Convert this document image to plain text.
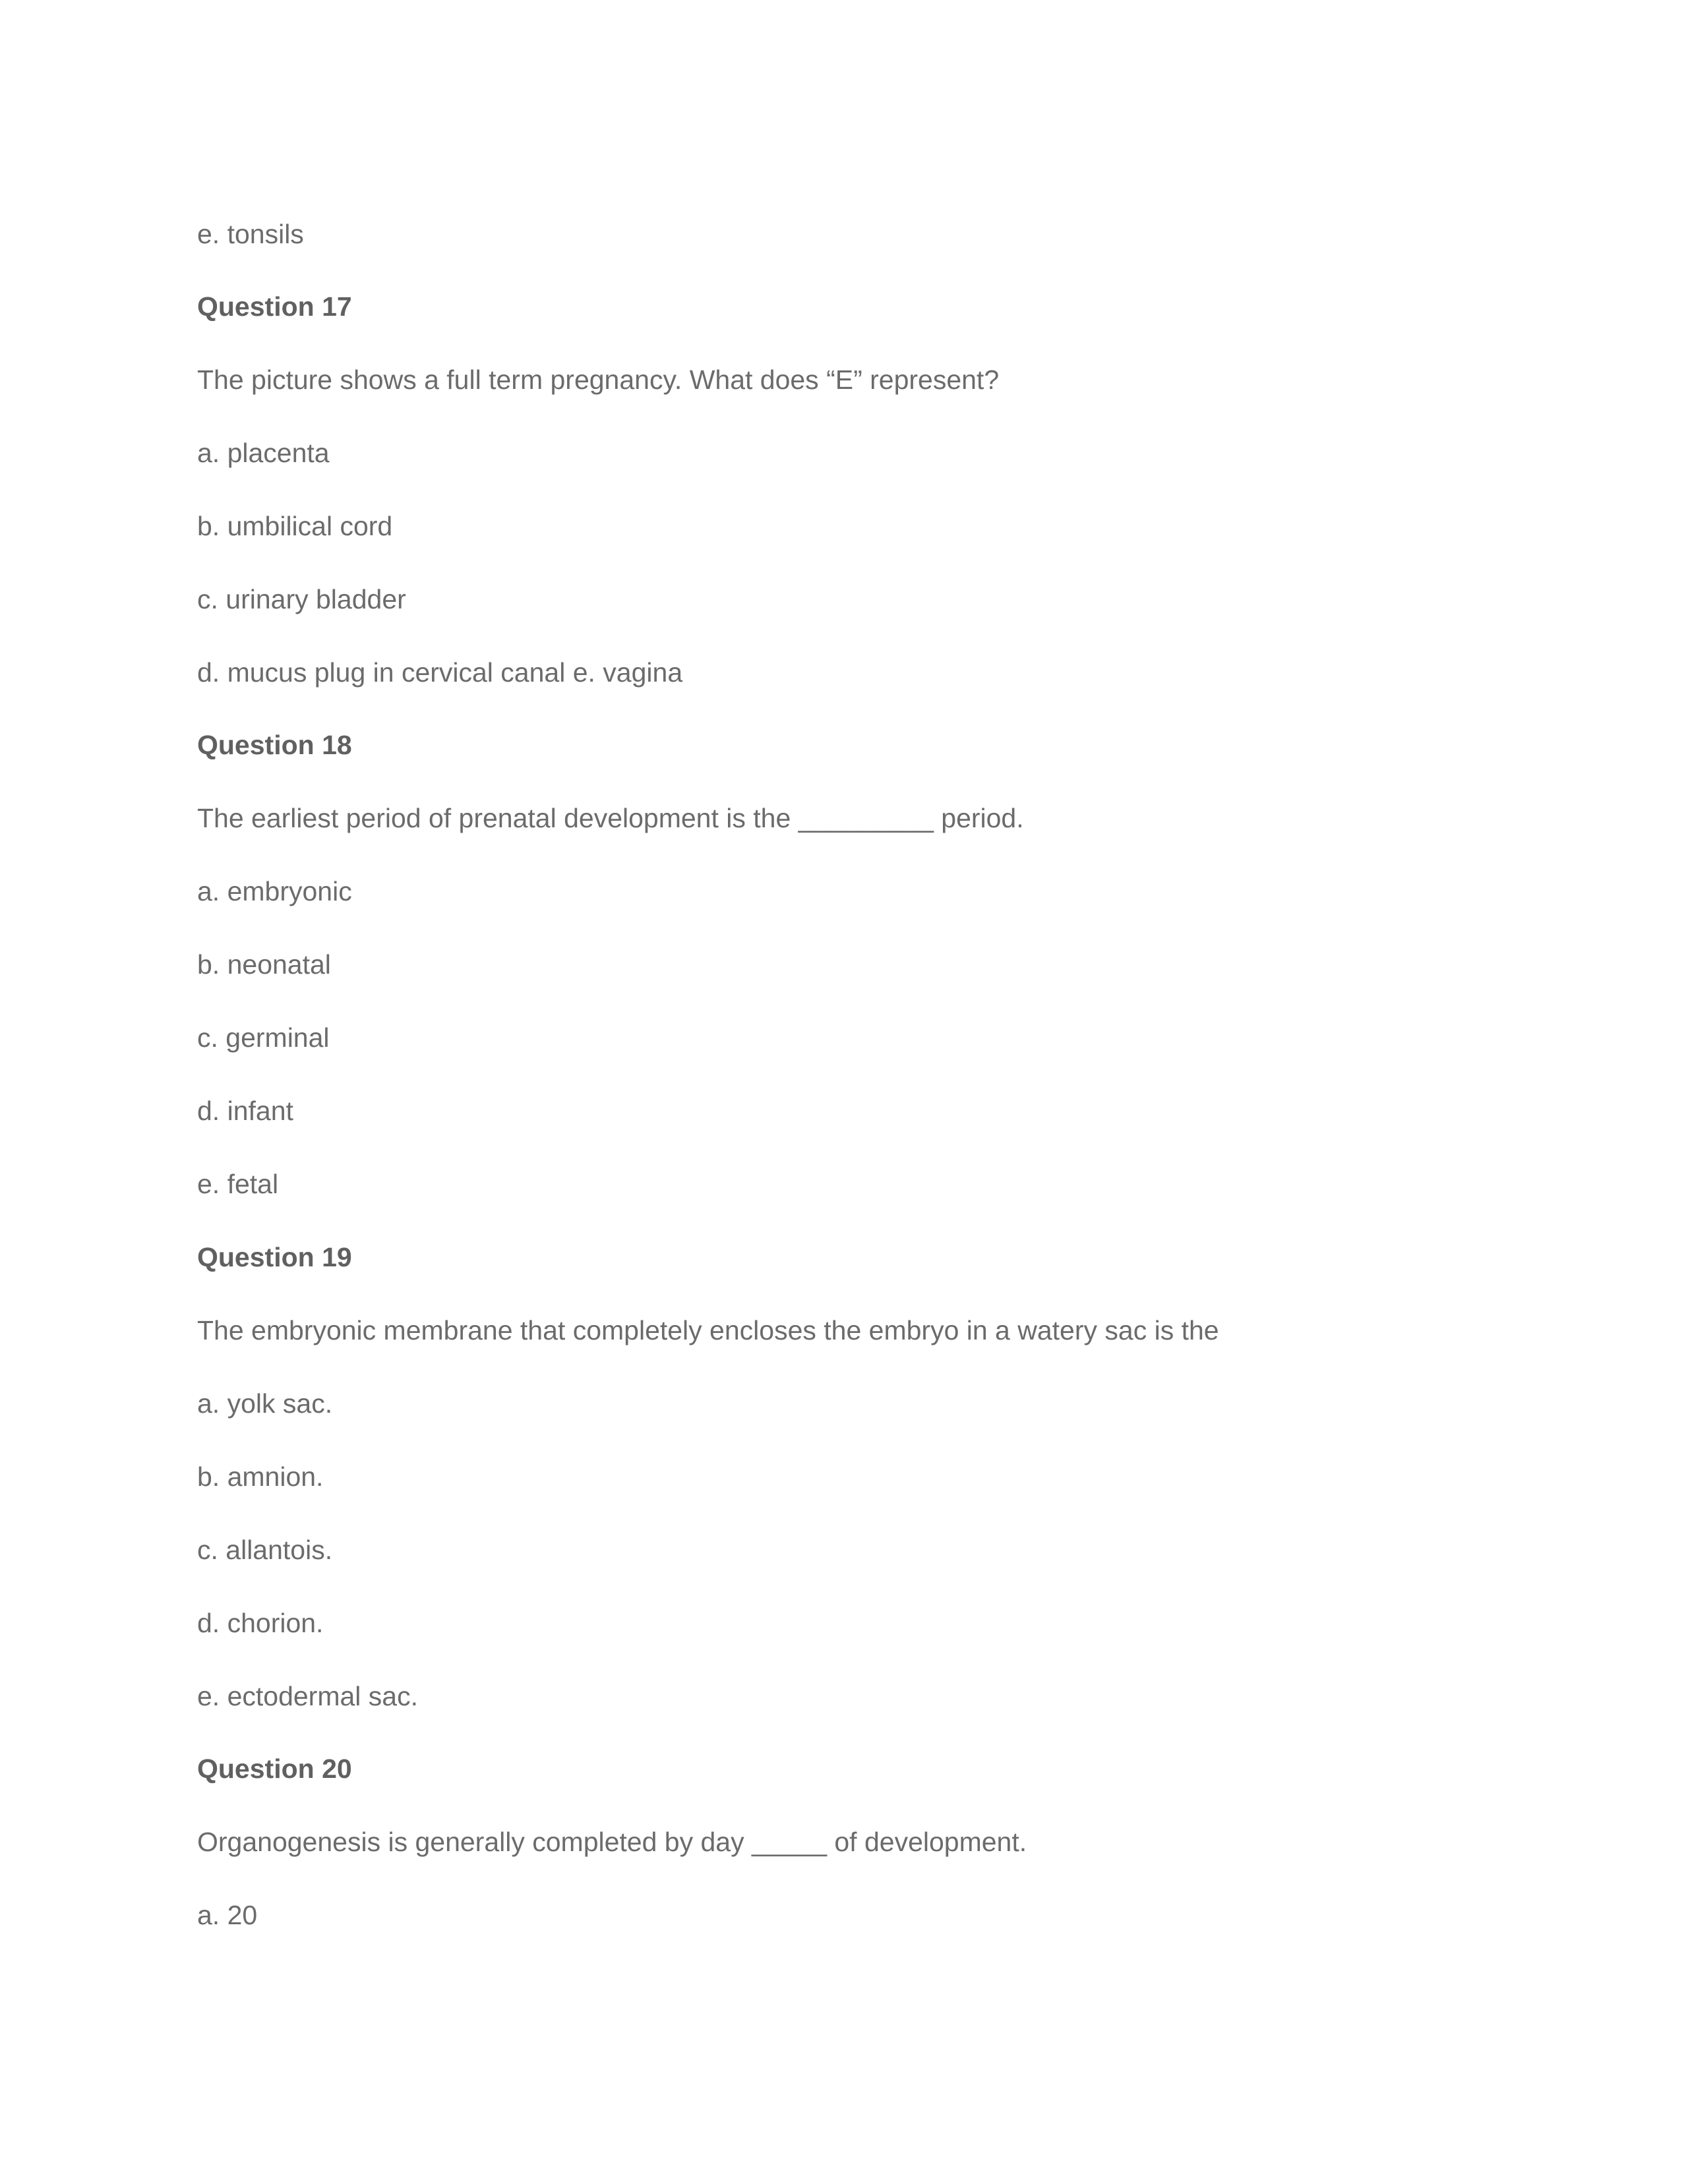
e. tonsils
Question 17
The picture shows a full term pregnancy. What does “E” represent?
a. placenta
b. umbilical cord
c. urinary bladder
d. mucus plug in cervical canal e. vagina
Question 18
The earliest period of prenatal development is the _________ period.
a. embryonic
b. neonatal
c. germinal
d. infant
e. fetal
Question 19
The embryonic membrane that completely encloses the embryo in a watery sac is the
a. yolk sac.
b. amnion.
c. allantois.
d. chorion.
e. ectodermal sac.
Question 20
Organogenesis is generally completed by day _____ of development.
a. 20
